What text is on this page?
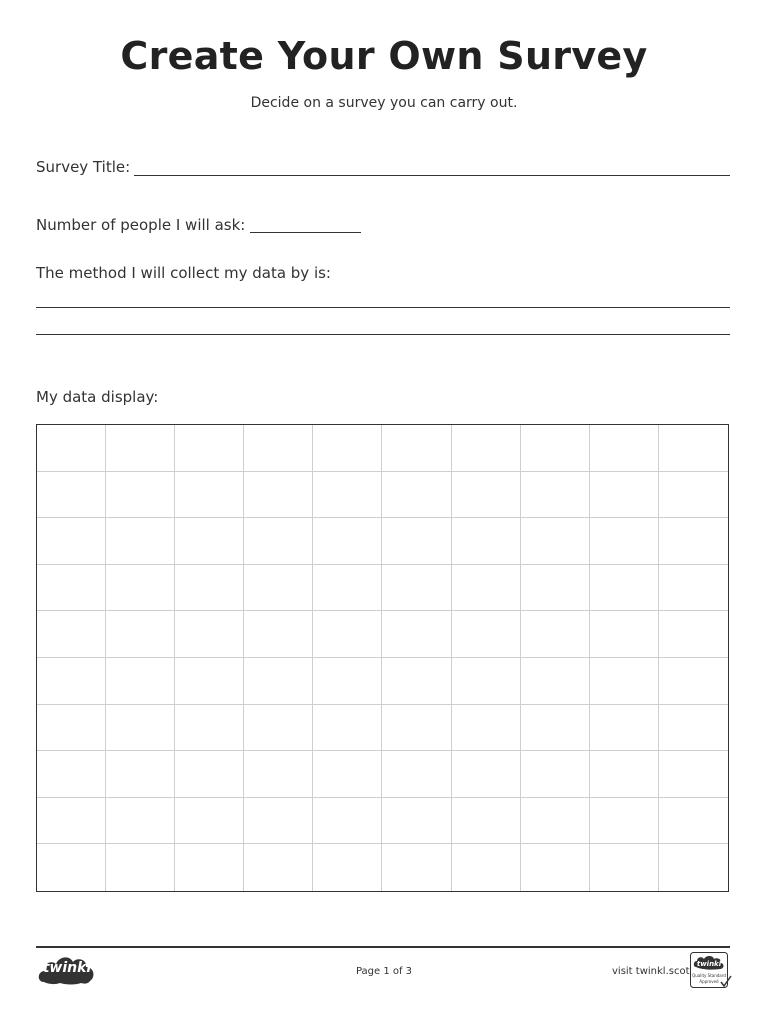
Create Your Own Survey
Decide on a survey you can carry out.
Survey Title:
Number of people I will ask:
The method I will collect my data by is:
My data display:
twinkl	Page 1 of 3	visit twinkl.scot
twinkl
Quality Standard
Approved
